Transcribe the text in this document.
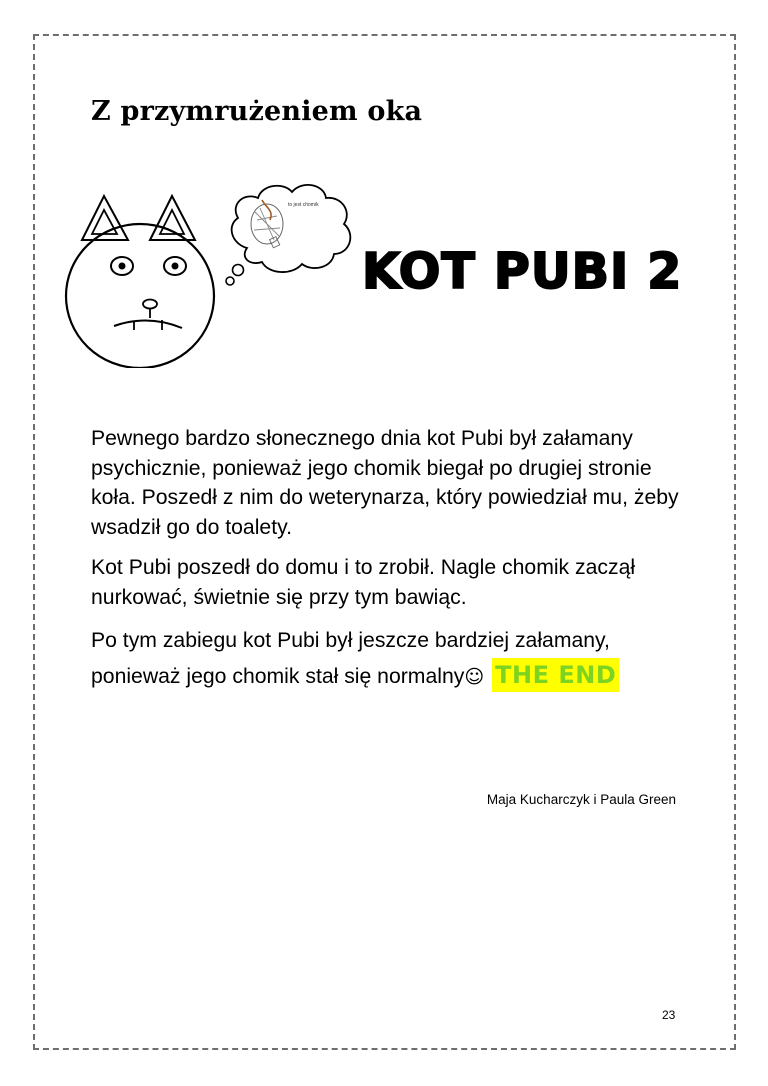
Z przymrużeniem oka
to jest chomik
KOT PUBI 2

Pewnego bardzo słonecznego dnia kot Pubi był załamany psychicznie, ponieważ jego chomik biegał po drugiej stronie koła. Poszedł z nim do weterynarza, który powiedział mu, żeby wsadził go do toalety.

Kot Pubi poszedł do domu i to zrobił. Nagle chomik zaczął nurkować, świetnie się przy tym bawiąc.

Po tym zabiegu kot Pubi był jeszcze bardziej załamany, ponieważ jego chomik stał się normalny☺ THE END

Maja Kucharczyk i Paula Green
23
